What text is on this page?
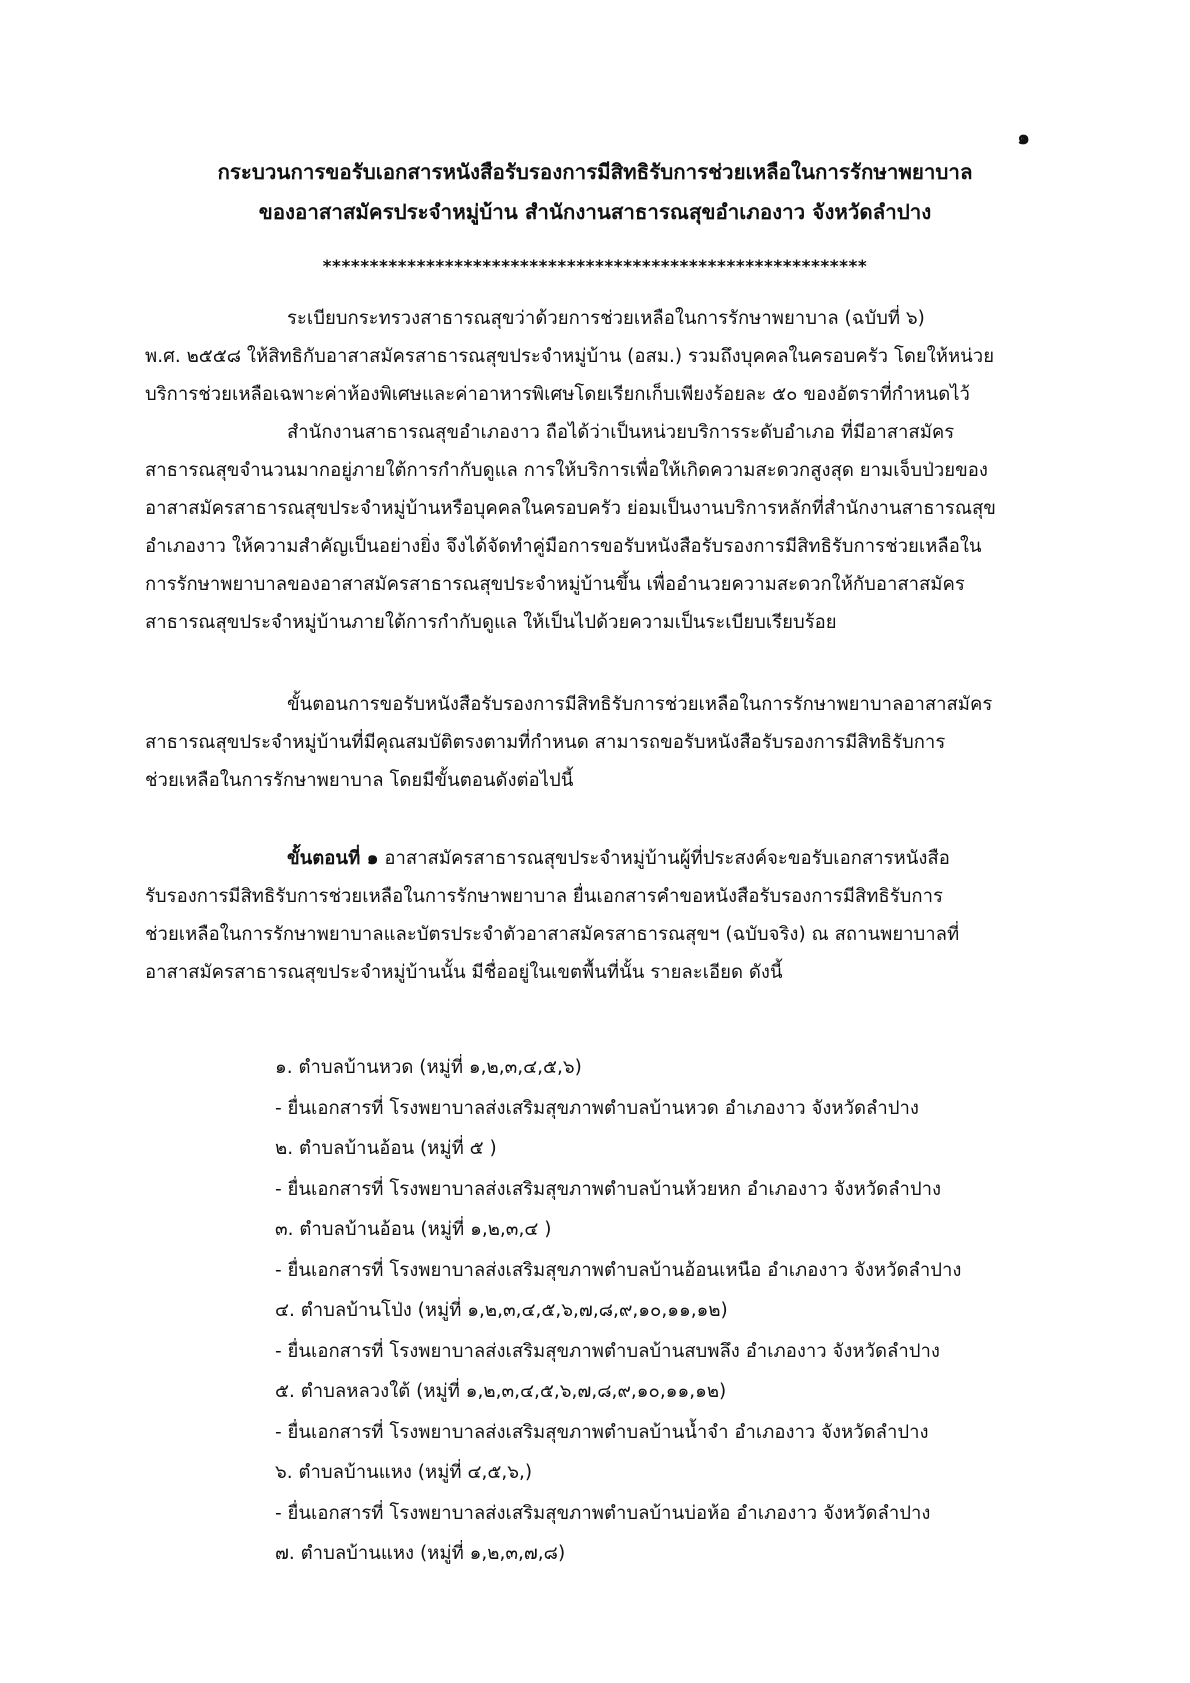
๑
กระบวนการขอรับเอกสารหนังสือรับรองการมีสิทธิรับการช่วยเหลือในการรักษาพยาบาล
ของอาสาสมัครประจำหมู่บ้าน สำนักงานสาธารณสุขอำเภองาว จังหวัดลำปาง
**********************************************************
ระเบียบกระทรวงสาธารณสุขว่าด้วยการช่วยเหลือในการรักษาพยาบาล (ฉบับที่ ๖)
พ.ศ. ๒๕๕๘ ให้สิทธิกับอาสาสมัครสาธารณสุขประจำหมู่บ้าน (อสม.) รวมถึงบุคคลในครอบครัว โดยให้หน่วย
บริการช่วยเหลือเฉพาะค่าห้องพิเศษและค่าอาหารพิเศษโดยเรียกเก็บเพียงร้อยละ ๕๐ ของอัตราที่กำหนดไว้
สำนักงานสาธารณสุขอำเภองาว ถือได้ว่าเป็นหน่วยบริการระดับอำเภอ ที่มีอาสาสมัคร
สาธารณสุขจำนวนมากอยู่ภายใต้การกำกับดูแล การให้บริการเพื่อให้เกิดความสะดวกสูงสุด ยามเจ็บป่วยของ
อาสาสมัครสาธารณสุขประจำหมู่บ้านหรือบุคคลในครอบครัว ย่อมเป็นงานบริการหลักที่สำนักงานสาธารณสุข
อำเภองาว ให้ความสำคัญเป็นอย่างยิ่ง จึงได้จัดทำคู่มือการขอรับหนังสือรับรองการมีสิทธิรับการช่วยเหลือใน
การรักษาพยาบาลของอาสาสมัครสาธารณสุขประจำหมู่บ้านขึ้น เพื่ออำนวยความสะดวกให้กับอาสาสมัคร
สาธารณสุขประจำหมู่บ้านภายใต้การกำกับดูแล ให้เป็นไปด้วยความเป็นระเบียบเรียบร้อย
ขั้นตอนการขอรับหนังสือรับรองการมีสิทธิรับการช่วยเหลือในการรักษาพยาบาลอาสาสมัคร
สาธารณสุขประจำหมู่บ้านที่มีคุณสมบัติตรงตามที่กำหนด สามารถขอรับหนังสือรับรองการมีสิทธิรับการ
ช่วยเหลือในการรักษาพยาบาล โดยมีขั้นตอนดังต่อไปนี้
ขั้นตอนที่ ๑ อาสาสมัครสาธารณสุขประจำหมู่บ้านผู้ที่ประสงค์จะขอรับเอกสารหนังสือ
รับรองการมีสิทธิรับการช่วยเหลือในการรักษาพยาบาล ยื่นเอกสารคำขอหนังสือรับรองการมีสิทธิรับการ
ช่วยเหลือในการรักษาพยาบาลและบัตรประจำตัวอาสาสมัครสาธารณสุขฯ (ฉบับจริง) ณ สถานพยาบาลที่
อาสาสมัครสาธารณสุขประจำหมู่บ้านนั้น มีชื่ออยู่ในเขตพื้นที่นั้น รายละเอียด ดังนี้
๑. ตำบลบ้านหวด (หมู่ที่ ๑,๒,๓,๔,๕,๖)
- ยื่นเอกสารที่ โรงพยาบาลส่งเสริมสุขภาพตำบลบ้านหวด อำเภองาว จังหวัดลำปาง
๒. ตำบลบ้านอ้อน (หมู่ที่ ๕ )
- ยื่นเอกสารที่ โรงพยาบาลส่งเสริมสุขภาพตำบลบ้านห้วยหก อำเภองาว จังหวัดลำปาง
๓. ตำบลบ้านอ้อน (หมู่ที่ ๑,๒,๓,๔ )
- ยื่นเอกสารที่ โรงพยาบาลส่งเสริมสุขภาพตำบลบ้านอ้อนเหนือ อำเภองาว จังหวัดลำปาง
๔. ตำบลบ้านโป่ง (หมู่ที่ ๑,๒,๓,๔,๕,๖,๗,๘,๙,๑๐,๑๑,๑๒)
- ยื่นเอกสารที่ โรงพยาบาลส่งเสริมสุขภาพตำบลบ้านสบพลึง อำเภองาว จังหวัดลำปาง
๕. ตำบลหลวงใต้ (หมู่ที่ ๑,๒,๓,๔,๕,๖,๗,๘,๙,๑๐,๑๑,๑๒)
- ยื่นเอกสารที่ โรงพยาบาลส่งเสริมสุขภาพตำบลบ้านน้ำจำ อำเภองาว จังหวัดลำปาง
๖. ตำบลบ้านแหง (หมู่ที่ ๔,๕,๖,)
- ยื่นเอกสารที่ โรงพยาบาลส่งเสริมสุขภาพตำบลบ้านบ่อห้อ อำเภองาว จังหวัดลำปาง
๗. ตำบลบ้านแหง (หมู่ที่ ๑,๒,๓,๗,๘)
